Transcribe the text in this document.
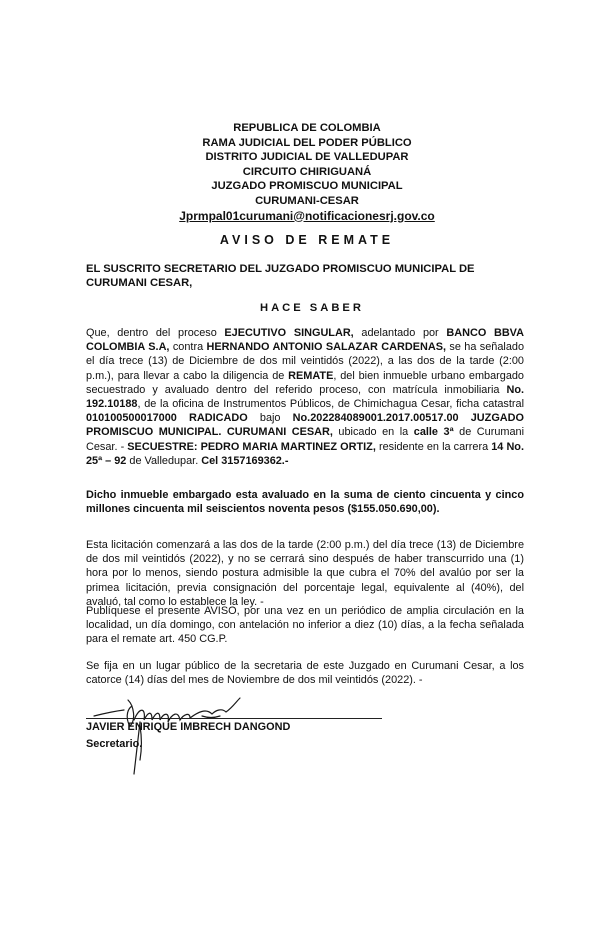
REPUBLICA DE COLOMBIA
RAMA JUDICIAL DEL PODER PÚBLICO
DISTRITO JUDICIAL DE VALLEDUPAR
CIRCUITO CHIRIGUANÁ
JUZGADO PROMISCUO MUNICIPAL
CURUMANI-CESAR
Jprmpal01curumani@notificacionesrj.gov.co
AVISO DE REMATE
EL SUSCRITO SECRETARIO DEL JUZGADO PROMISCUO MUNICIPAL DE CURUMANI CESAR,
HACE SABER
Que, dentro del proceso EJECUTIVO SINGULAR, adelantado por BANCO BBVA COLOMBIA S.A, contra HERNANDO ANTONIO SALAZAR CARDENAS, se ha señalado el día trece (13) de Diciembre de dos mil veintidós (2022), a las dos de la tarde (2:00 p.m.), para llevar a cabo la diligencia de REMATE, del bien inmueble urbano embargado secuestrado y avaluado dentro del referido proceso, con matrícula inmobiliaria No. 192.10188, de la oficina de Instrumentos Públicos, de Chimichagua Cesar, ficha catastral 010100500017000 RADICADO bajo No.202284089001.2017.00517.00 JUZGADO PROMISCUO MUNICIPAL. CURUMANI CESAR, ubicado en la calle 3ª de Curumani Cesar. - SECUESTRE: PEDRO MARIA MARTINEZ ORTIZ, residente en la carrera 14 No. 25ª – 92 de Valledupar. Cel 3157169362.-
Dicho inmueble embargado esta avaluado en la suma de ciento cincuenta y cinco millones cincuenta mil seiscientos noventa pesos ($155.050.690,00).
Esta licitación comenzará a las dos de la tarde (2:00 p.m.) del día trece (13) de Diciembre de dos mil veintidós (2022), y no se cerrará sino después de haber transcurrido una (1) hora por lo menos, siendo postura admisible la que cubra el 70% del avalúo por ser la primea licitación, previa consignación del porcentaje legal, equivalente al (40%), del avaluó, tal como lo establece la ley. -
Publíquese el presente AVISO, por una vez en un periódico de amplia circulación en la localidad, un día domingo, con antelación no inferior a diez (10) días, a la fecha señalada para el remate art. 450 CG.P.
Se fija en un lugar público de la secretaria de este Juzgado en Curumani Cesar, a los catorce (14) días del mes de Noviembre de dos mil veintidós (2022). -
JAVIER ENRIQUE IMBRECH DANGOND
Secretario.
